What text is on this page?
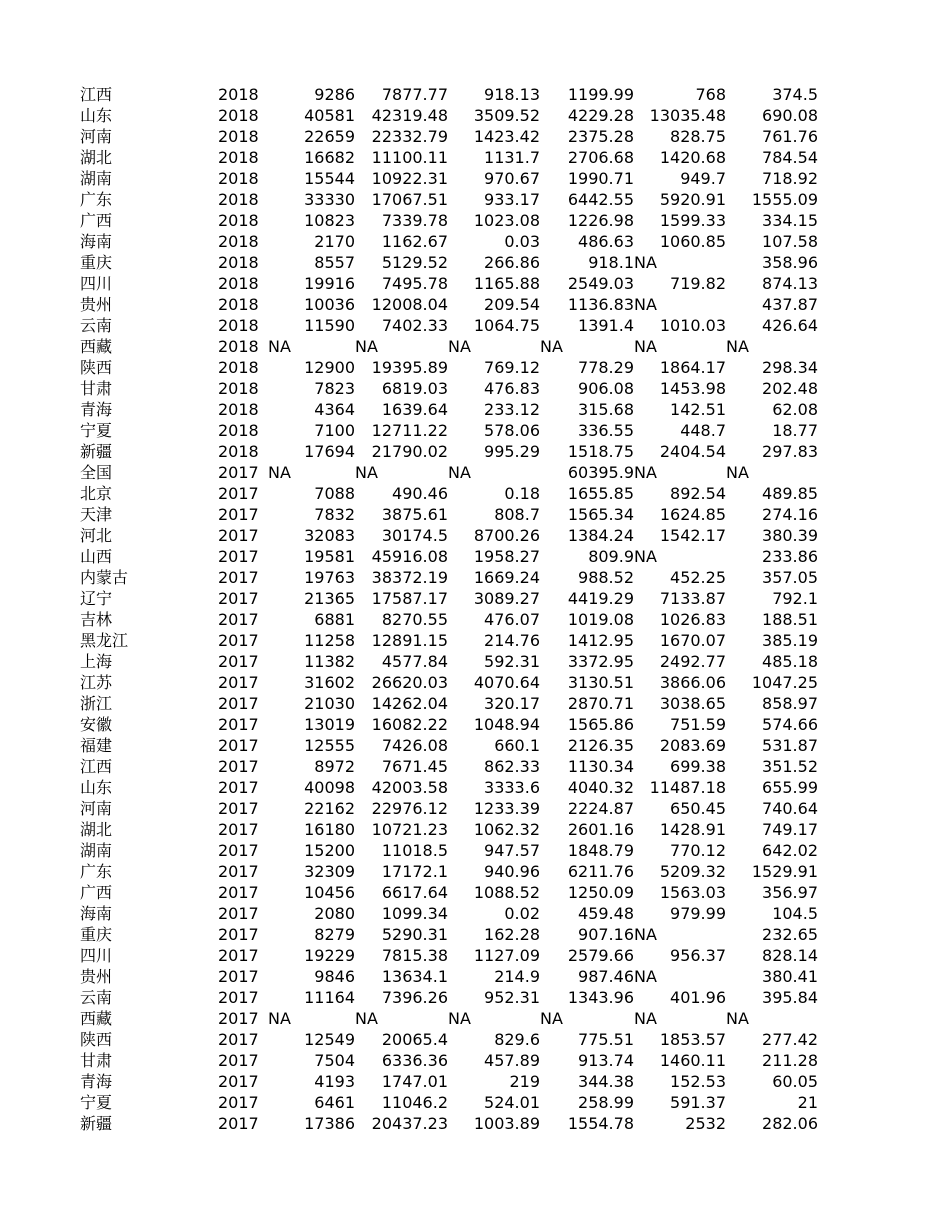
江西	2018	9286	7877.77	918.13	1199.99	768	374.5
山东	2018	40581	42319.48	3509.52	4229.28 13035.48	690.08
河南	2018	22659	22332.79	1423.42	2375.28	828.75	761.76
湖北	2018	16682	11100.11	1131.7	2706.68	1420.68	784.54
湖南	2018	15544	10922.31	970.67	1990.71	949.7	718.92
广东	2018	33330	17067.51	933.17	6442.55	5920.91	1555.09
广西	2018	10823	7339.78	1023.08	1226.98	1599.33	334.15
海南	2018	2170	1162.67	0.03	486.63	1060.85	107.58
重庆	2018	8557	5129.52	266.86	918.1 NA	358.96
四川	2018	19916	7495.78	1165.88	2549.03	719.82	874.13
贵州	2018	10036	12008.04	209.54	1136.83 NA	437.87
云南	2018	11590	7402.33	1064.75	1391.4	1010.03	426.64
西藏	2018 NA	NA	NA	NA	NA	NA
陕西	2018	12900	19395.89	769.12	778.29	1864.17	298.34
甘肃	2018	7823	6819.03	476.83	906.08	1453.98	202.48
青海	2018	4364	1639.64	233.12	315.68	142.51	62.08
宁夏	2018	7100	12711.22	578.06	336.55	448.7	18.77
新疆	2018	17694	21790.02	995.29	1518.75	2404.54	297.83
全国	2017 NA	NA	NA	60395.9 NA	NA
北京	2017	7088	490.46	0.18	1655.85	892.54	489.85
天津	2017	7832	3875.61	808.7	1565.34	1624.85	274.16
河北	2017	32083	30174.5	8700.26	1384.24	1542.17	380.39
山西	2017	19581	45916.08	1958.27	809.9 NA	233.86
内蒙古	2017	19763	38372.19	1669.24	988.52	452.25	357.05
辽宁	2017	21365	17587.17	3089.27	4419.29	7133.87	792.1
吉林	2017	6881	8270.55	476.07	1019.08	1026.83	188.51
黑龙江	2017	11258	12891.15	214.76	1412.95	1670.07	385.19
上海	2017	11382	4577.84	592.31	3372.95	2492.77	485.18
江苏	2017	31602	26620.03	4070.64	3130.51	3866.06	1047.25
浙江	2017	21030	14262.04	320.17	2870.71	3038.65	858.97
安徽	2017	13019	16082.22	1048.94	1565.86	751.59	574.66
福建	2017	12555	7426.08	660.1	2126.35	2083.69	531.87
江西	2017	8972	7671.45	862.33	1130.34	699.38	351.52
山东	2017	40098	42003.58	3333.6	4040.32 11487.18	655.99
河南	2017	22162	22976.12	1233.39	2224.87	650.45	740.64
湖北	2017	16180	10721.23	1062.32	2601.16	1428.91	749.17
湖南	2017	15200	11018.5	947.57	1848.79	770.12	642.02
广东	2017	32309	17172.1	940.96	6211.76	5209.32	1529.91
广西	2017	10456	6617.64	1088.52	1250.09	1563.03	356.97
海南	2017	2080	1099.34	0.02	459.48	979.99	104.5
重庆	2017	8279	5290.31	162.28	907.16 NA	232.65
四川	2017	19229	7815.38	1127.09	2579.66	956.37	828.14
贵州	2017	9846	13634.1	214.9	987.46 NA	380.41
云南	2017	11164	7396.26	952.31	1343.96	401.96	395.84
西藏	2017 NA	NA	NA	NA	NA	NA
陕西	2017	12549	20065.4	829.6	775.51	1853.57	277.42
甘肃	2017	7504	6336.36	457.89	913.74	1460.11	211.28
青海	2017	4193	1747.01	219	344.38	152.53	60.05
宁夏	2017	6461	11046.2	524.01	258.99	591.37	21
新疆	2017	17386	20437.23	1003.89	1554.78	2532	282.06
